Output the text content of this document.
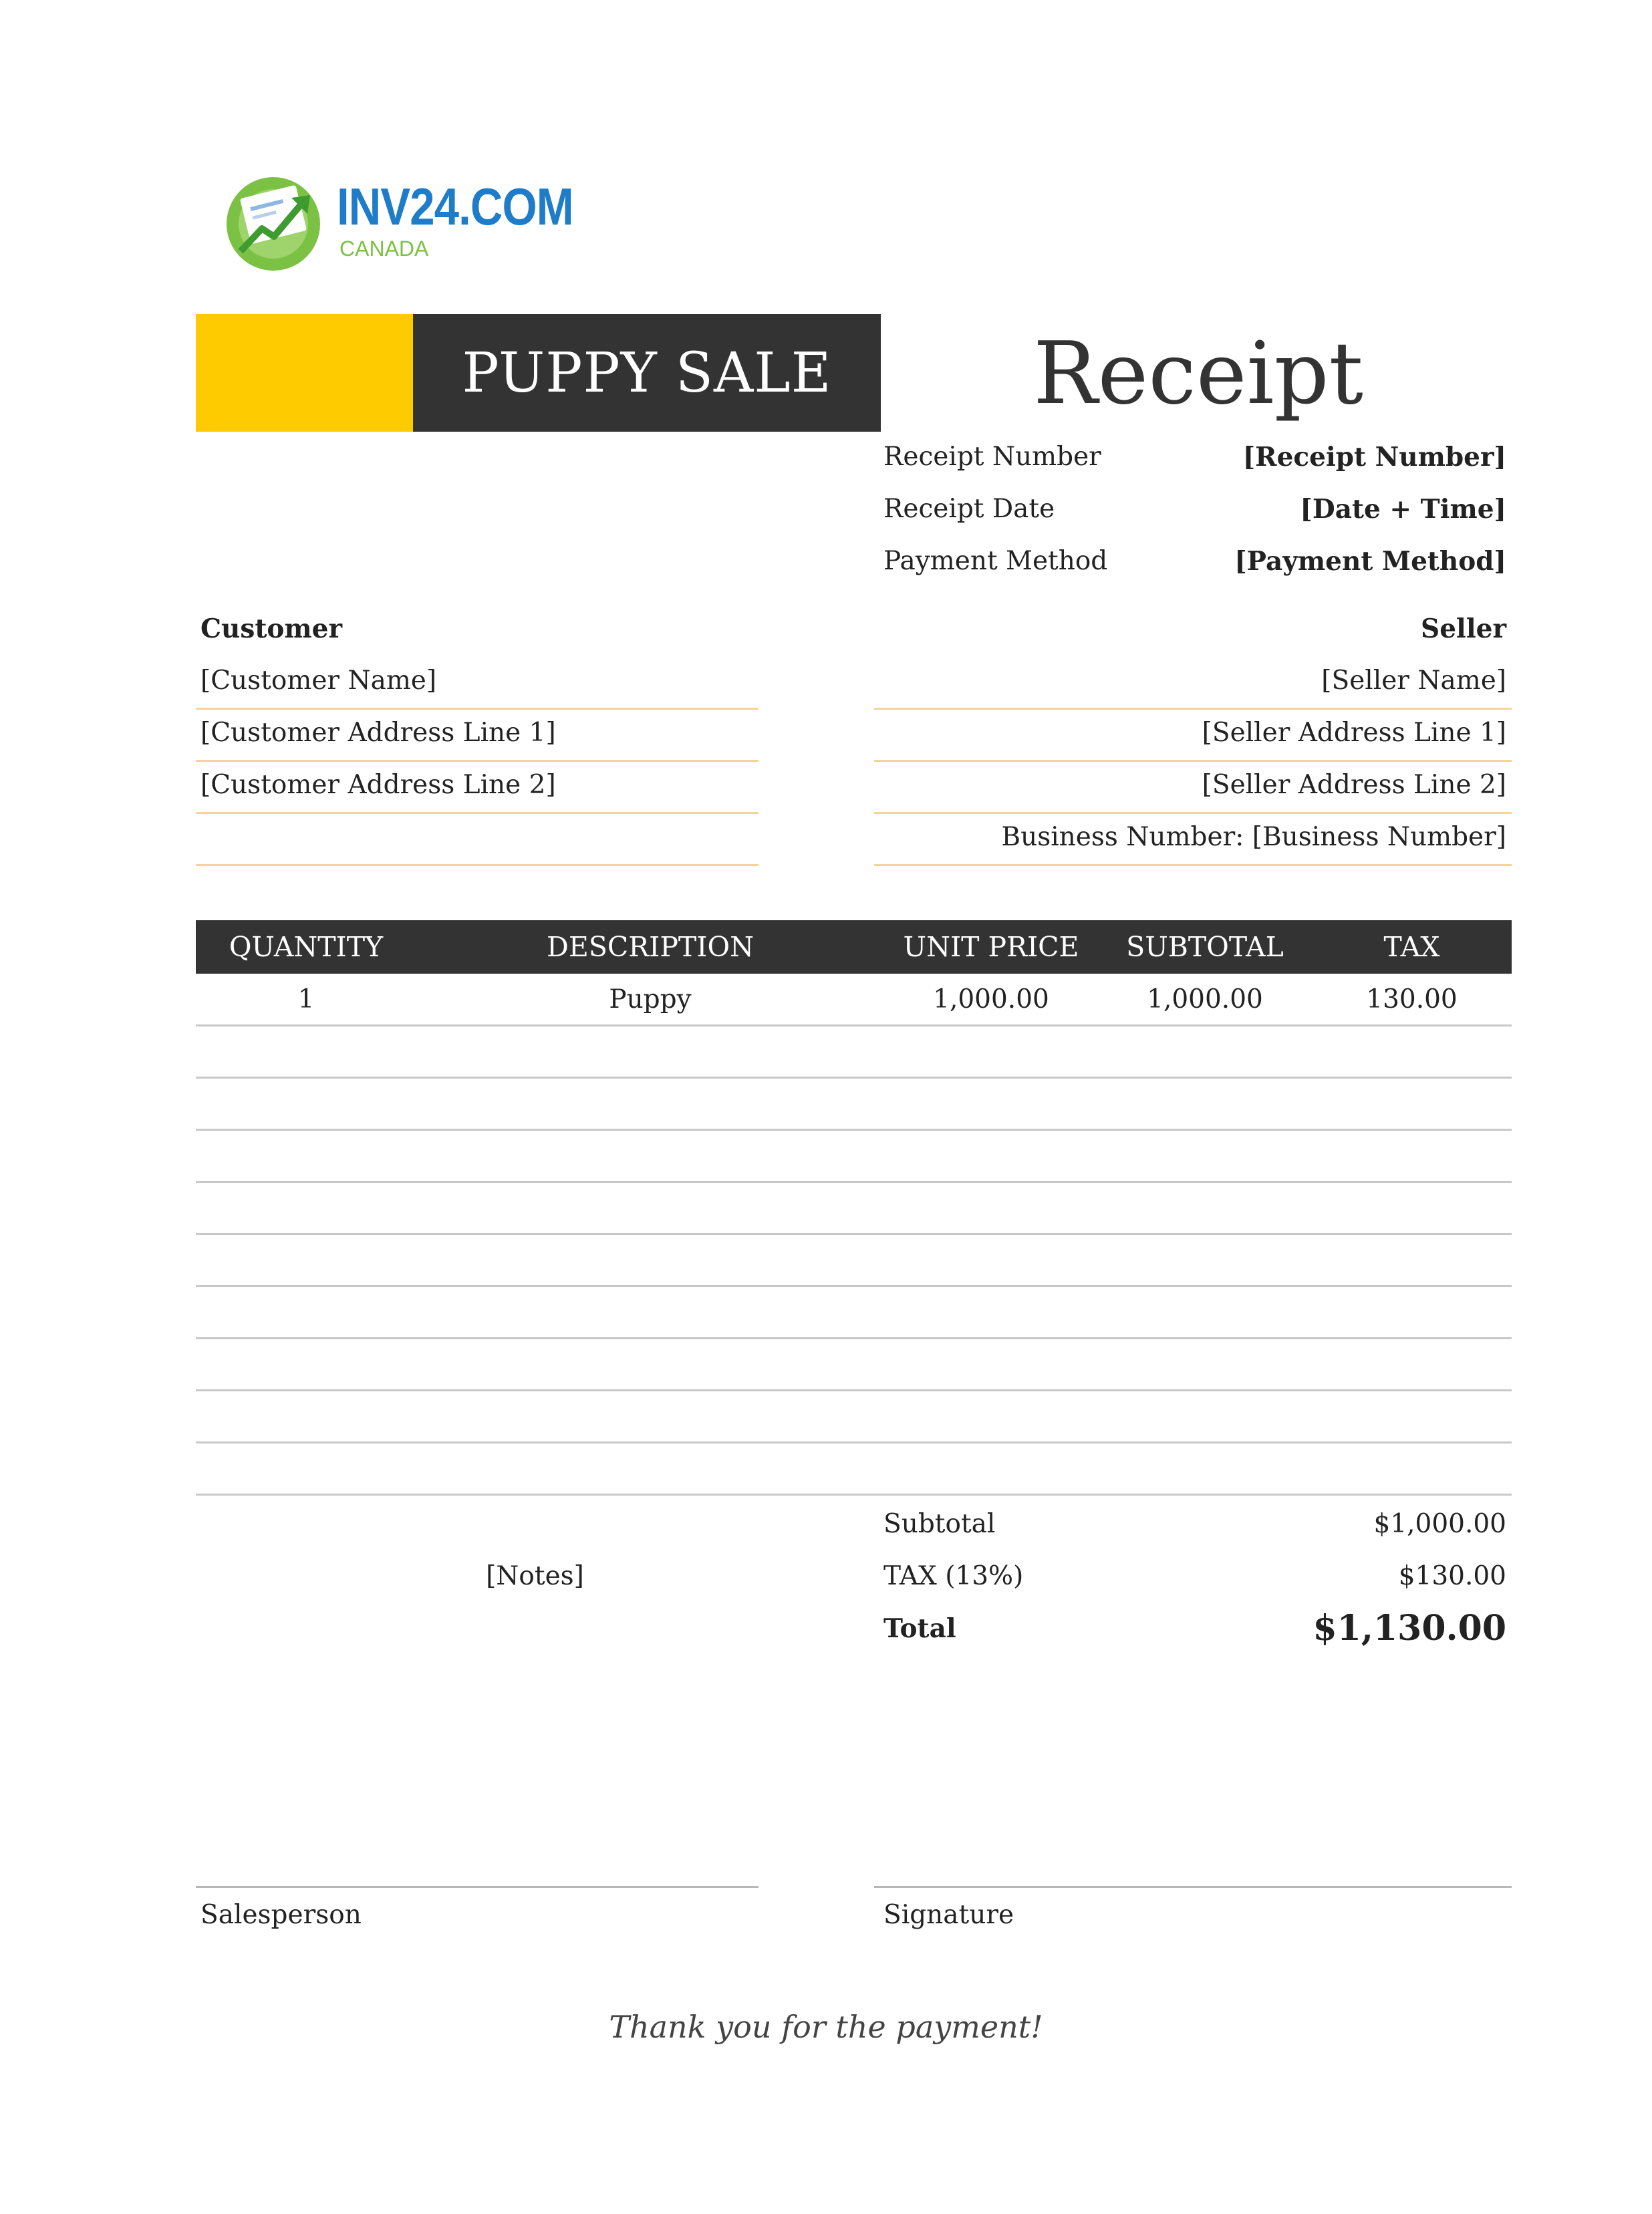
INV24.COM
CANADA
PUPPY SALE	Receipt
Receipt Number	[Receipt Number]
Receipt Date	[Date + Time]
Payment Method	[Payment Method]
Customer
[Customer Name]
[Customer Address Line 1]
[Customer Address Line 2]
Seller
[Seller Name]
[Seller Address Line 1]
[Seller Address Line 2]
Business Number: [Business Number]
QUANTITY	DESCRIPTION	UNIT PRICE	SUBTOTAL	TAX
1	Puppy	1,000.00	1,000.00	130.00
[Notes]
Subtotal	$1,000.00
TAX (13%)	$130.00
Total	$1,130.00
Salesperson	Signature
Thank you for the payment!
